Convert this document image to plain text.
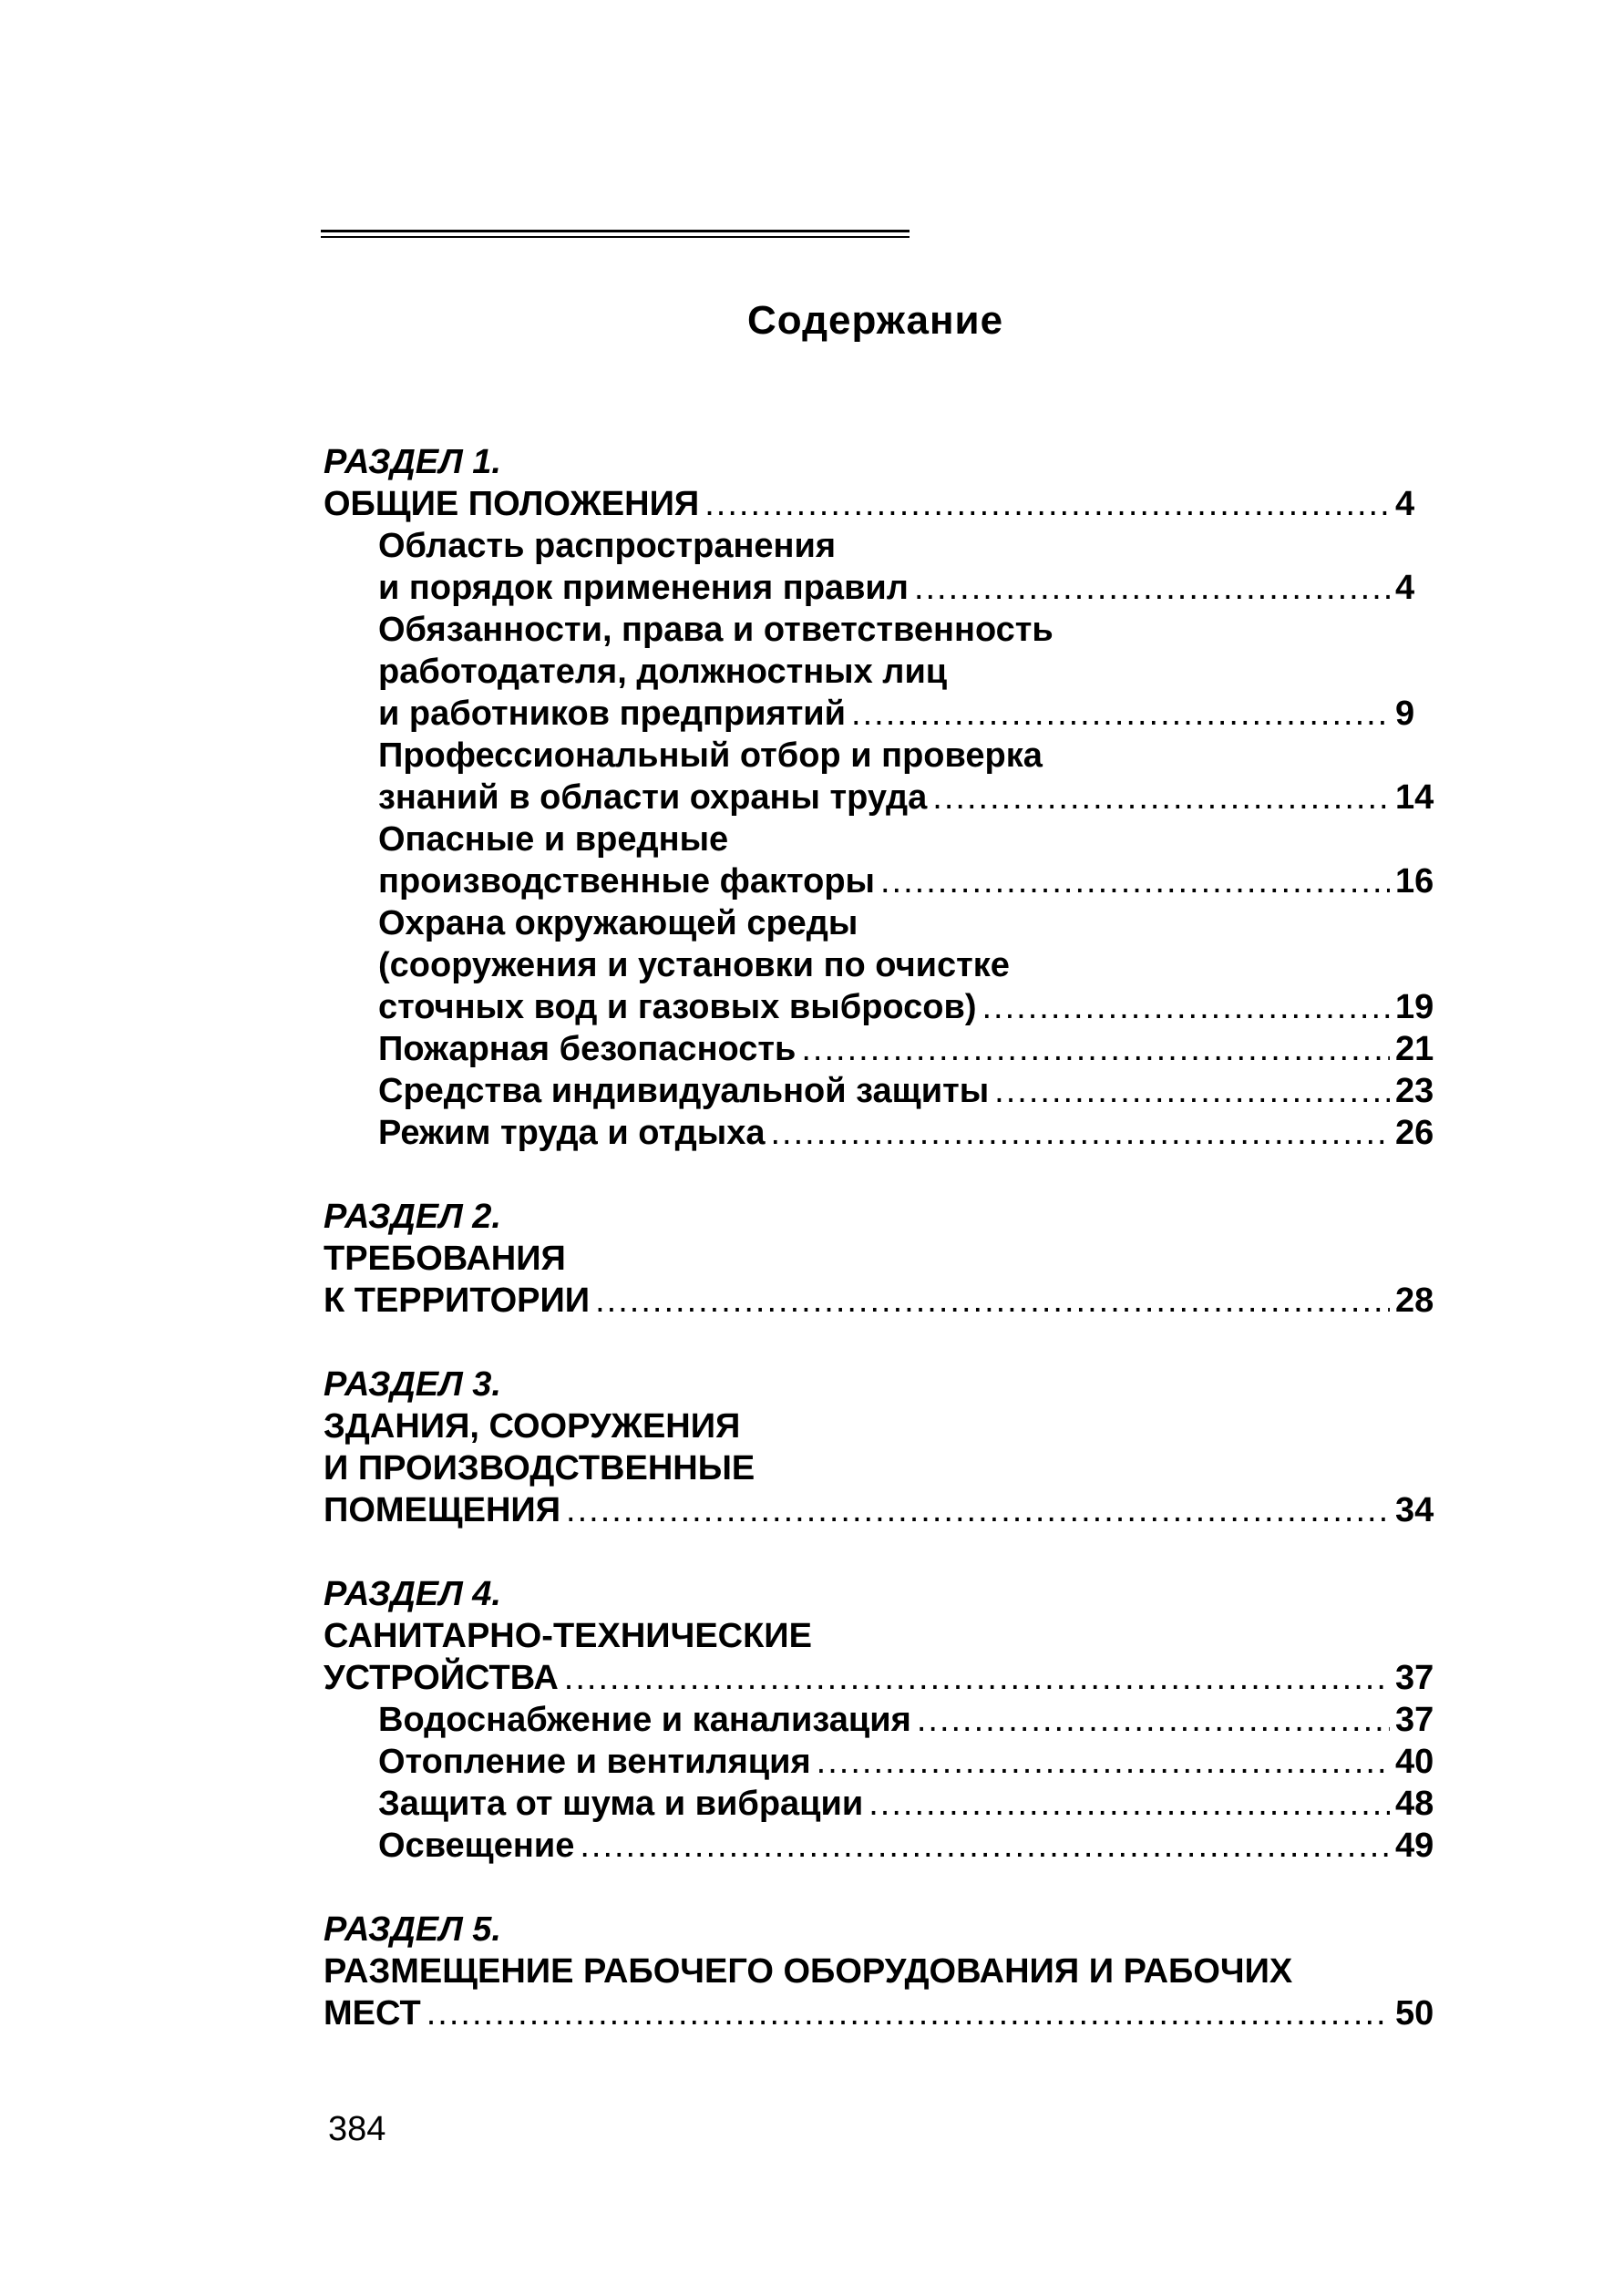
Содержание
РАЗДЕЛ 1.
ОБЩИЕ ПОЛОЖЕНИЯ .....	4
Область распространения
и порядок применения правил .....	4
Обязанности, права и ответственность
работодателя, должностных лиц
и работников предприятий .....	9
Профессиональный отбор и проверка
знаний в области охраны труда .....	14
Опасные и вредные
производственные факторы .....	16
Охрана окружающей среды
(сооружения и установки по очистке
сточных вод и газовых выбросов) .....	19
Пожарная безопасность .....	21
Средства индивидуальной защиты .....	23
Режим труда и отдыха .....	26
РАЗДЕЛ 2.
ТРЕБОВАНИЯ
К ТЕРРИТОРИИ .....	28
РАЗДЕЛ 3.
ЗДАНИЯ, СООРУЖЕНИЯ
И ПРОИЗВОДСТВЕННЫЕ
ПОМЕЩЕНИЯ .....	34
РАЗДЕЛ 4.
САНИТАРНО-ТЕХНИЧЕСКИЕ
УСТРОЙСТВА .....	37
Водоснабжение и канализация .....	37
Отопление и вентиляция .....	40
Защита от шума и вибрации .....	48
Освещение .....	49
РАЗДЕЛ 5.
РАЗМЕЩЕНИЕ РАБОЧЕГО ОБОРУДОВАНИЯ И РАБОЧИХ
МЕСТ .....	50
384
